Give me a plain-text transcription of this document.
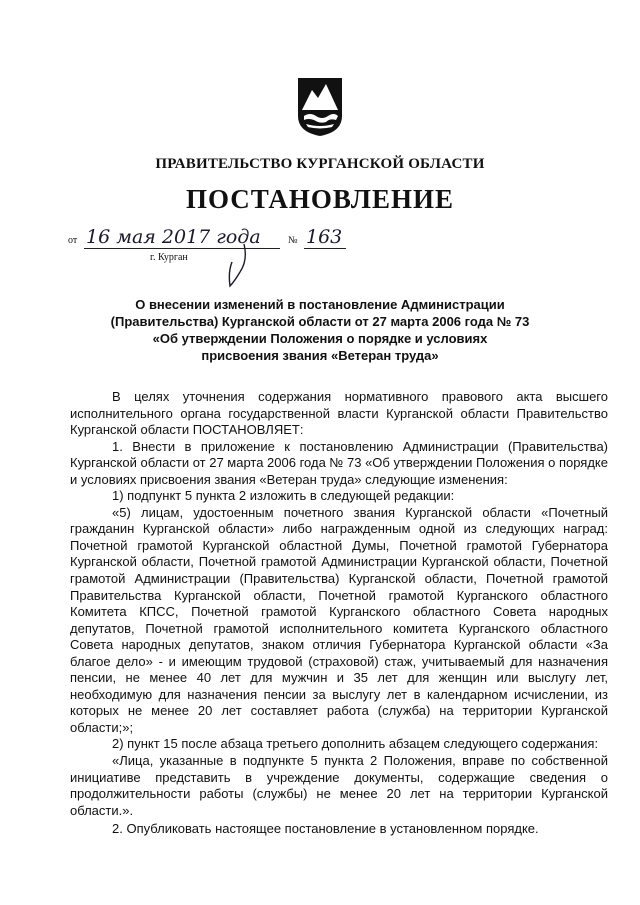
ПРАВИТЕЛЬСТВО КУРГАНСКОЙ ОБЛАСТИ
ПОСТАНОВЛЕНИЕ
от 16 мая 2017 года	№ 163
г. Курган
О внесении изменений в постановление Администрации
(Правительства) Курганской области от 27 марта 2006 года № 73
«Об утверждении Положения о порядке и условиях
присвоения звания «Ветеран труда»

В целях уточнения содержания нормативного правового акта высшего исполнительного органа государственной власти Курганской области Правительство Курганской области ПОСТАНОВЛЯЕТ:

1. Внести в приложение к постановлению Администрации (Правительства) Курганской области от 27 марта 2006 года № 73 «Об утверждении Положения о порядке и условиях присвоения звания «Ветеран труда» следующие изменения:

1) подпункт 5 пункта 2 изложить в следующей редакции:

«5) лицам, удостоенным почетного звания Курганской области «Почетный гражданин Курганской области» либо награжденным одной из следующих наград: Почетной грамотой Курганской областной Думы, Почетной грамотой Губернатора Курганской области, Почетной грамотой Администрации Курганской области, Почетной грамотой Администрации (Правительства) Курганской области, Почетной грамотой Правительства Курганской области, Почетной грамотой Курганского областного Комитета КПСС, Почетной грамотой Курганского областного Совета народных депутатов, Почетной грамотой исполнительного комитета Курганского областного Совета народных депутатов, знаком отличия Губернатора Курганской области «За благое дело» - и имеющим трудовой (страховой) стаж, учитываемый для назначения пенсии, не менее 40 лет для мужчин и 35 лет для женщин или выслугу лет, необходимую для назначения пенсии за выслугу лет в календарном исчислении, из которых не менее 20 лет составляет работа (служба) на территории Курганской области;»;

2) пункт 15 после абзаца третьего дополнить абзацем следующего содержания:

«Лица, указанные в подпункте 5 пункта 2 Положения, вправе по собственной инициативе представить в учреждение документы, содержащие сведения о продолжительности работы (службы) не менее 20 лет на территории Курганской области.».

2. Опубликовать настоящее постановление в установленном порядке.
